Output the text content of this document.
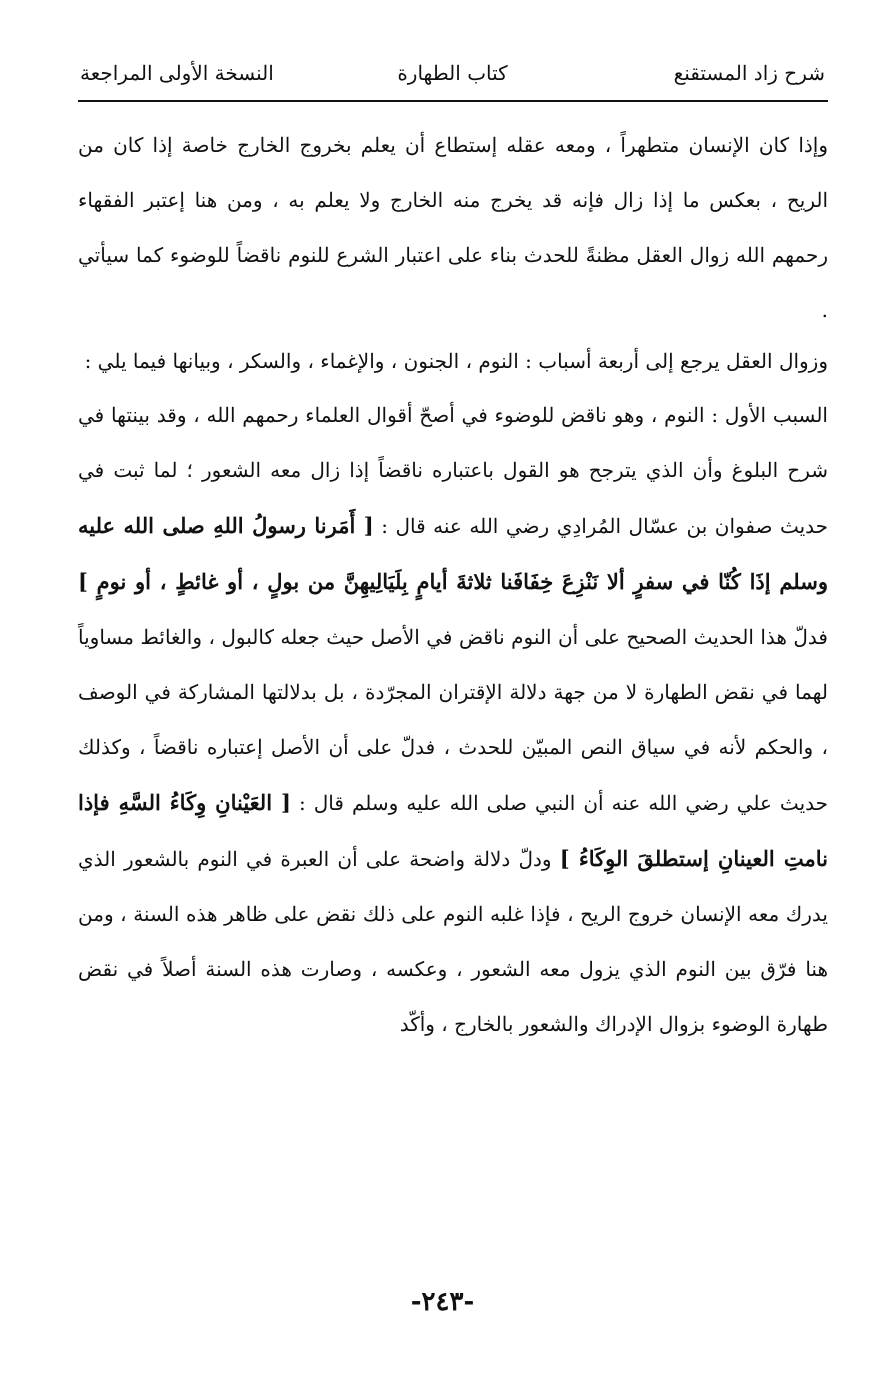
شرح زاد المستقنع
كتاب الطهارة
النسخة الأولى المراجعة

وإذا كان الإنسان متطهراً ، ومعه عقله إستطاع أن يعلم بخروج الخارج خاصة إذا كان من الريح ، بعكس ما إذا زال فإنه قد يخرج منه الخارج ولا يعلم به ، ومن هنا إعتبر الفقهاء رحمهم الله زوال العقل مظنةً للحدث بناء على اعتبار الشرع للنوم ناقضاً للوضوء كما سيأتي .

وزوال العقل يرجع إلى أربعة أسباب : النوم ، الجنون ، والإغماء ، والسكر ، وبيانها فيما يلي :

السبب الأول : النوم ، وهو ناقض للوضوء في أصحّ أقوال العلماء رحمهم الله ، وقد بينتها في شرح البلوغ وأن الذي يترجح هو القول باعتباره ناقضاً إذا زال معه الشعور ؛ لما ثبت في حديث صفوان بن عسّال المُرادِي رضي الله عنه قال : [ أَمَرنا رسولُ اللهِ صلى الله عليه وسلم إذَا كُنّا في سفرٍ ألا نَنْزِعَ خِفَافَنا ثلاثةَ أيامٍ بِلَيَالِيهِنَّ من بولٍ ، أو غائطٍ ، أو نومٍ ] فدلّ هذا الحديث الصحيح على أن النوم ناقض في الأصل حيث جعله كالبول ، والغائط مساوياً لهما في نقض الطهارة لا من جهة دلالة الإقتران المجرّدة ، بل بدلالتها المشاركة في الوصف ، والحكم لأنه في سياق النص المبيّن للحدث ، فدلّ على أن الأصل إعتباره ناقضاً ، وكذلك حديث علي رضي الله عنه أن النبي صلى الله عليه وسلم قال : [ العَيْنانِ وِكَاءُ السَّهِ فإذا نامتِ العينانِ إستطلقَ الوِكَاءُ ] ودلّ دلالة واضحة على أن العبرة في النوم بالشعور الذي يدرك معه الإنسان خروج الريح ، فإذا غلبه النوم على ذلك نقض على ظاهر هذه السنة ، ومن هنا فرّق بين النوم الذي يزول معه الشعور ، وعكسه ، وصارت هذه السنة أصلاً في نقض طهارة الوضوء بزوال الإدراك والشعور بالخارج ، وأكّد

-٢٤٣-
